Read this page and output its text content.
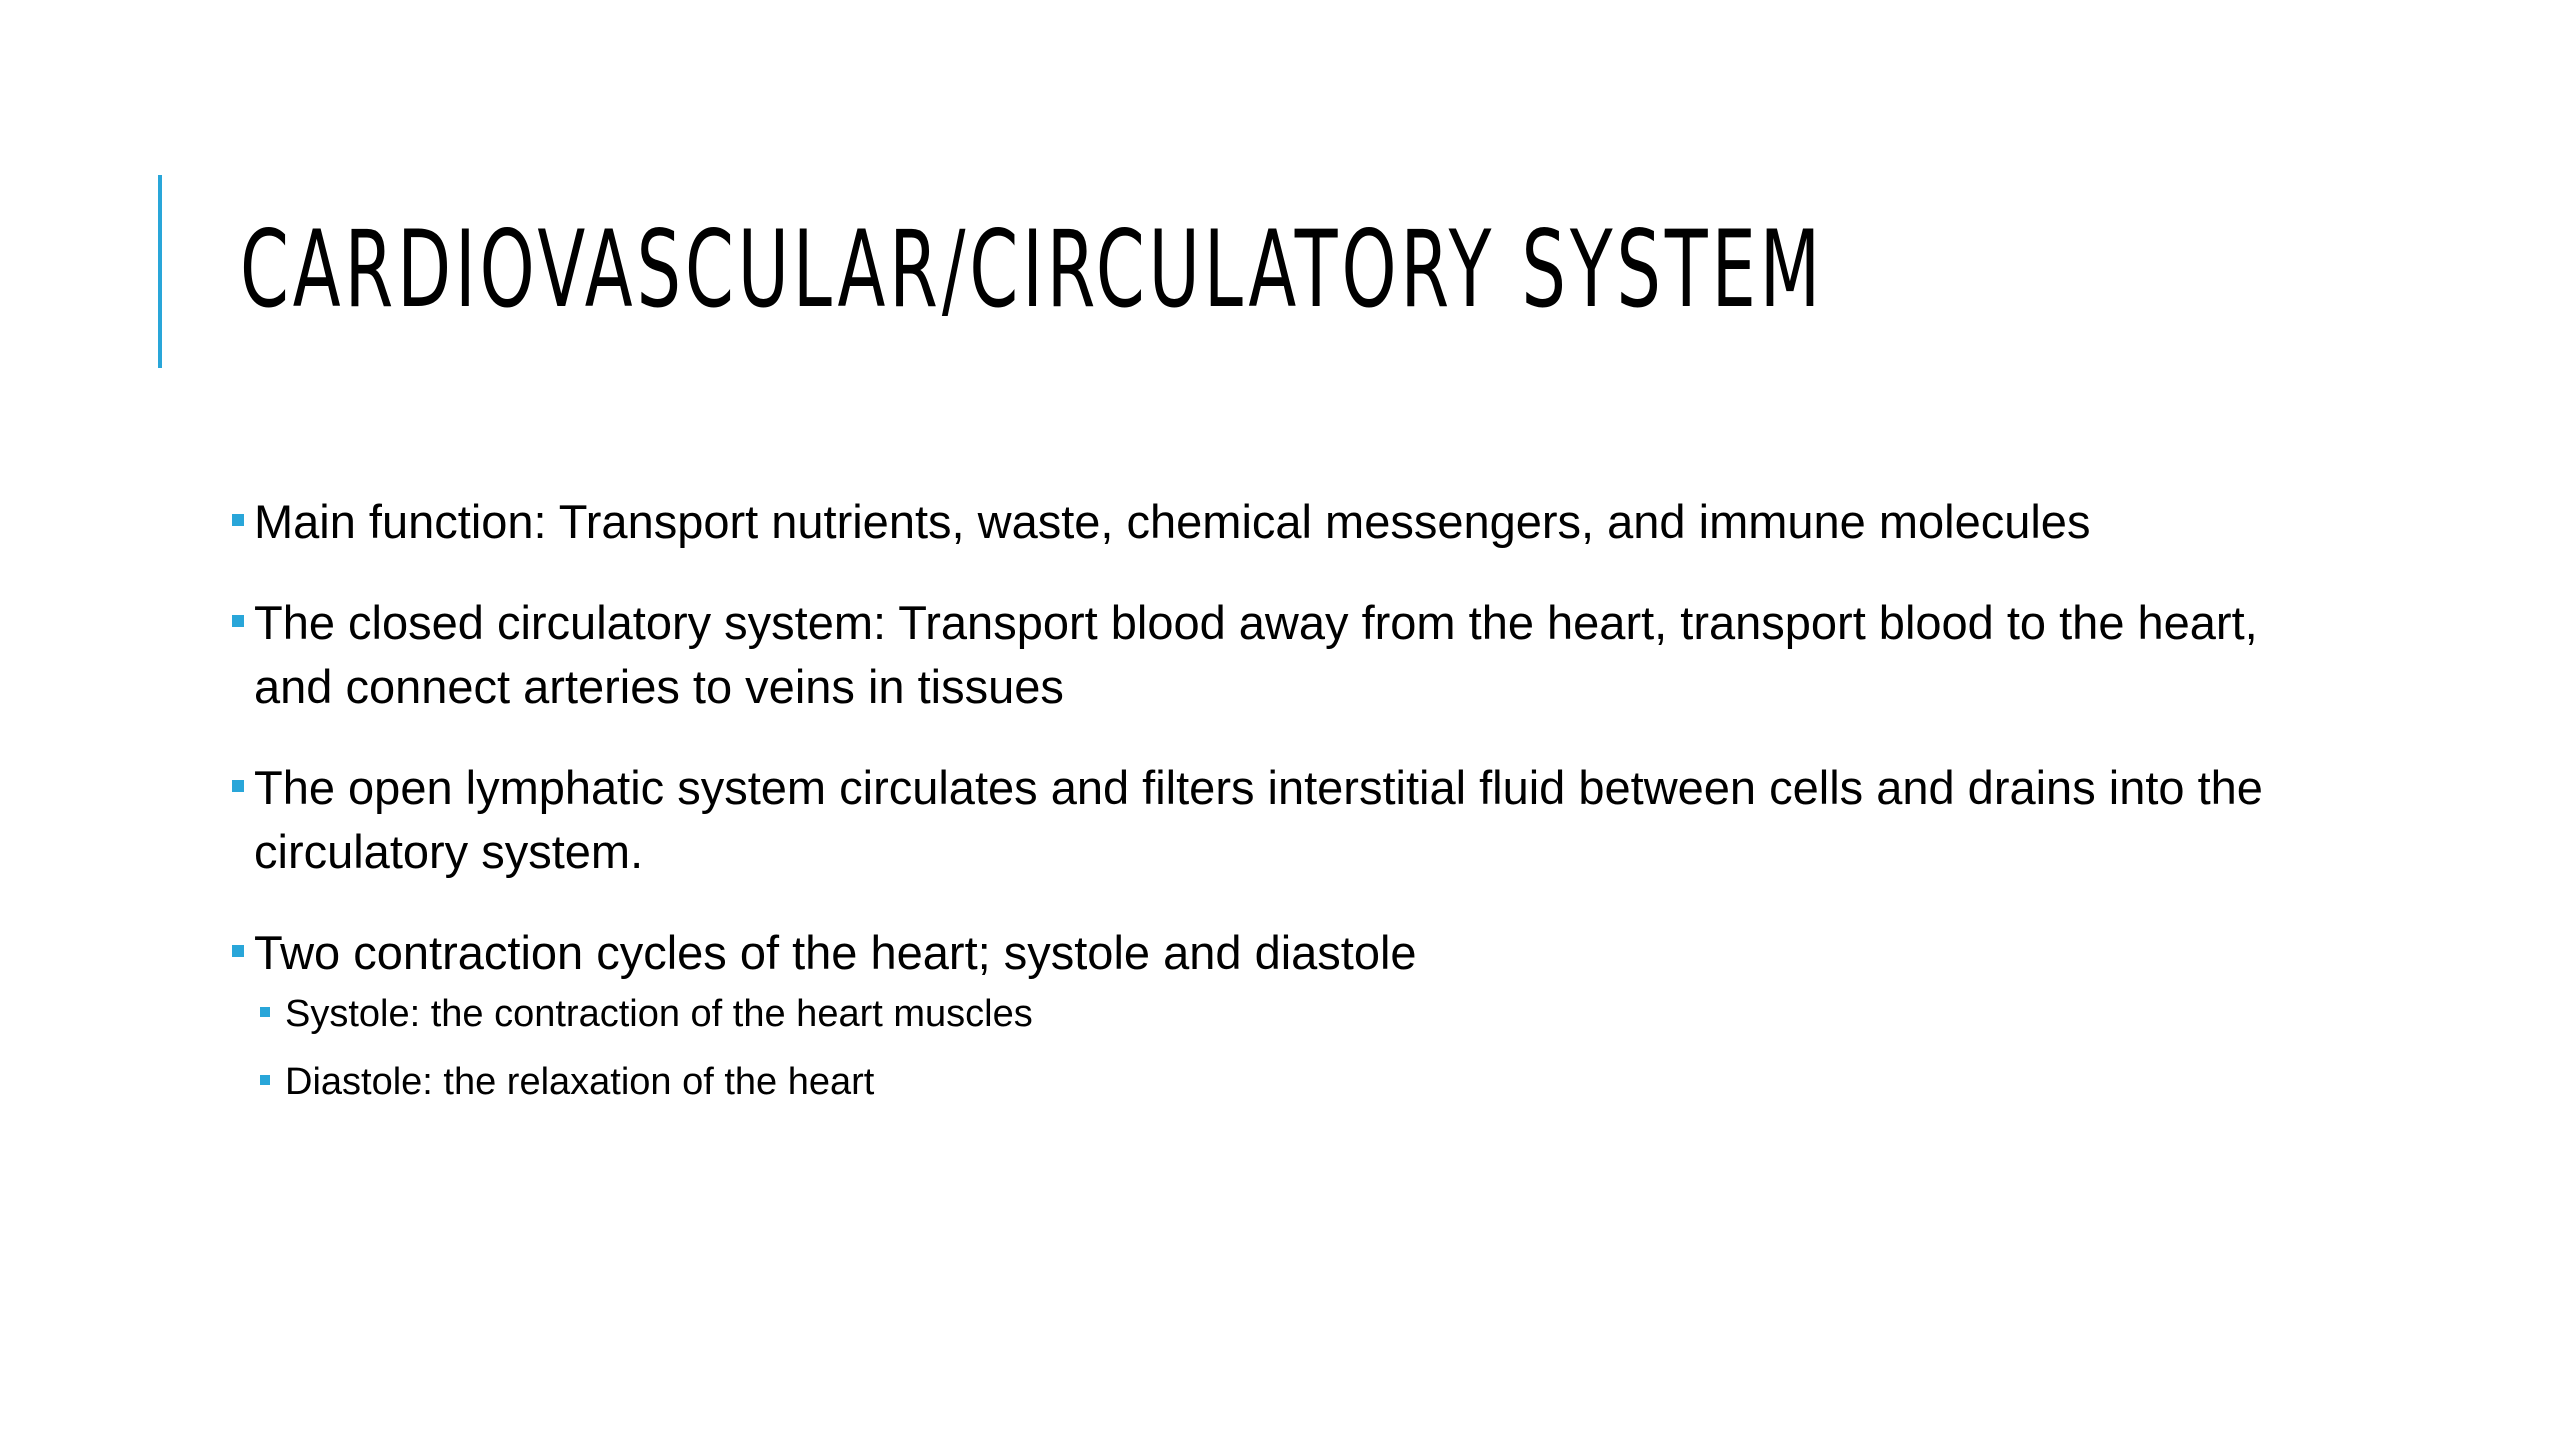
CARDIOVASCULAR/CIRCULATORY SYSTEM
Main function: Transport nutrients, waste, chemical messengers, and immune molecules
The closed circulatory system: Transport blood away from the heart, transport blood to the heart, and connect arteries to veins in tissues
The open lymphatic system circulates and filters interstitial fluid between cells and drains into the circulatory system.
Two contraction cycles of the heart; systole and diastole
Systole: the contraction of the heart muscles
Diastole: the relaxation of the heart
